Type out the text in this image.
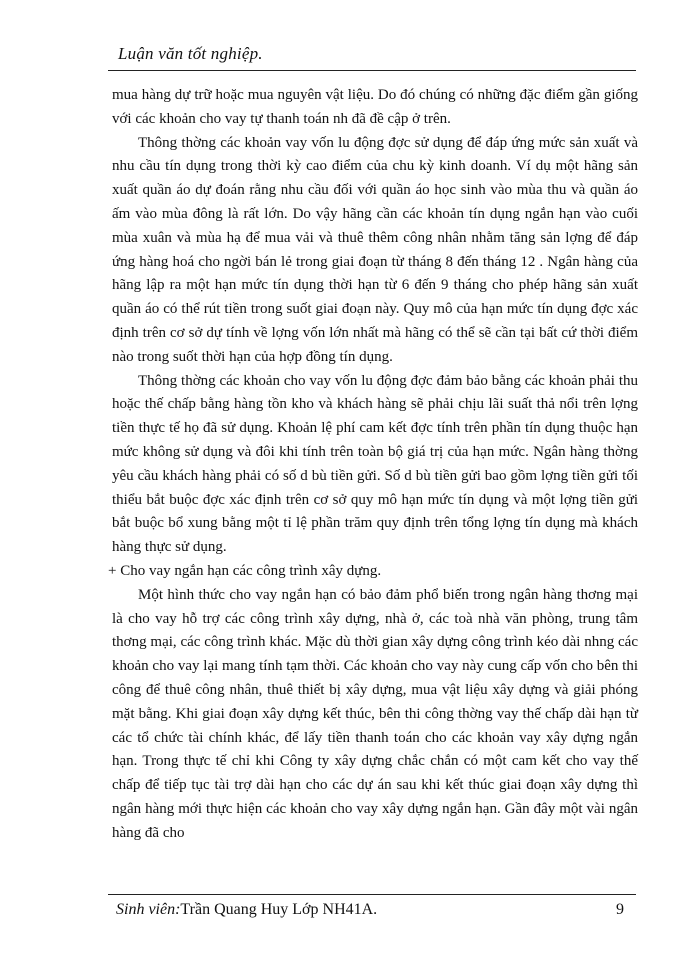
Luận văn tốt nghiệp.

mua hàng dự trữ hoặc mua nguyên vật liệu. Do đó chúng có những đặc điểm gần giống với các khoản cho vay tự thanh toán nh đã đề cập ở trên.

Thông thờng các khoản vay vốn lu động đợc sử dụng để đáp ứng mức sản xuất và nhu cầu tín dụng trong thời kỳ cao điểm của chu kỳ kinh doanh. Ví dụ một hãng sản xuất quần áo dự đoán rằng nhu cầu đối với quần áo học sinh vào mùa thu và quần áo ấm vào mùa đông là rất lớn. Do vậy hãng cần các khoản tín dụng ngắn hạn vào cuối mùa xuân và mùa hạ để mua vải và thuê thêm công nhân nhằm tăng sản lợng để đáp ứng hàng hoá cho ngời bán lẻ trong giai đoạn từ tháng 8 đến tháng 12 . Ngân hàng của hãng lập ra một hạn mức tín dụng thời hạn từ 6 đến 9 tháng cho phép hãng sản xuất quần áo có thể rút tiền trong suốt giai đoạn này. Quy mô của hạn mức tín dụng đợc xác định trên cơ sở dự tính về lợng vốn lớn nhất mà hãng có thể sẽ cần tại bất cứ thời điểm nào trong suốt thời hạn của hợp đồng tín dụng.

Thông thờng các khoản cho vay vốn lu động đợc đảm bảo bằng các khoản phải thu hoặc thế chấp bằng hàng tồn kho và khách hàng sẽ phải chịu lãi suất thả nổi trên lợng tiền thực tế họ đã sử dụng. Khoản lệ phí cam kết đợc tính trên phần tín dụng thuộc hạn mức không sử dụng và đôi khi tính trên toàn bộ giá trị của hạn mức. Ngân hàng thờng yêu cầu khách hàng phải có số d bù tiền gửi. Số d bù tiền gửi bao gồm lợng tiền gửi tối thiểu bắt buộc đợc xác định trên cơ sở quy mô hạn mức tín dụng và một lợng tiền gửi bắt buộc bổ xung bằng một tỉ lệ phần trăm quy định trên tổng lợng tín dụng mà khách hàng thực sử dụng.

+ Cho vay ngắn hạn các công trình xây dựng.

Một hình thức cho vay ngắn hạn có bảo đảm phổ biến trong ngân hàng thơng mại là cho vay hỗ trợ các công trình xây dựng, nhà ở, các toà nhà văn phòng, trung tâm thơng mại, các công trình khác. Mặc dù thời gian xây dựng công trình kéo dài nhng các khoản cho vay lại mang tính tạm thời. Các khoản cho vay này cung cấp vốn cho bên thi công để thuê công nhân, thuê thiết bị xây dựng, mua vật liệu xây dựng và giải phóng mặt bằng. Khi giai đoạn xây dựng kết thúc, bên thi công thờng vay thế chấp dài hạn từ các tổ chức tài chính khác, để lấy tiền thanh toán cho các khoản vay xây dựng ngắn hạn. Trong thực tế chỉ khi Công ty xây dựng chắc chắn có một cam kết cho vay thế chấp để tiếp tục tài trợ dài hạn cho các dự án sau khi kết thúc giai đoạn xây dựng thì ngân hàng mới thực hiện các khoản cho vay xây dựng ngắn hạn. Gần đây một vài ngân hàng đã cho

Sinh viên:Trần Quang Huy Lớp NH41A.	9
